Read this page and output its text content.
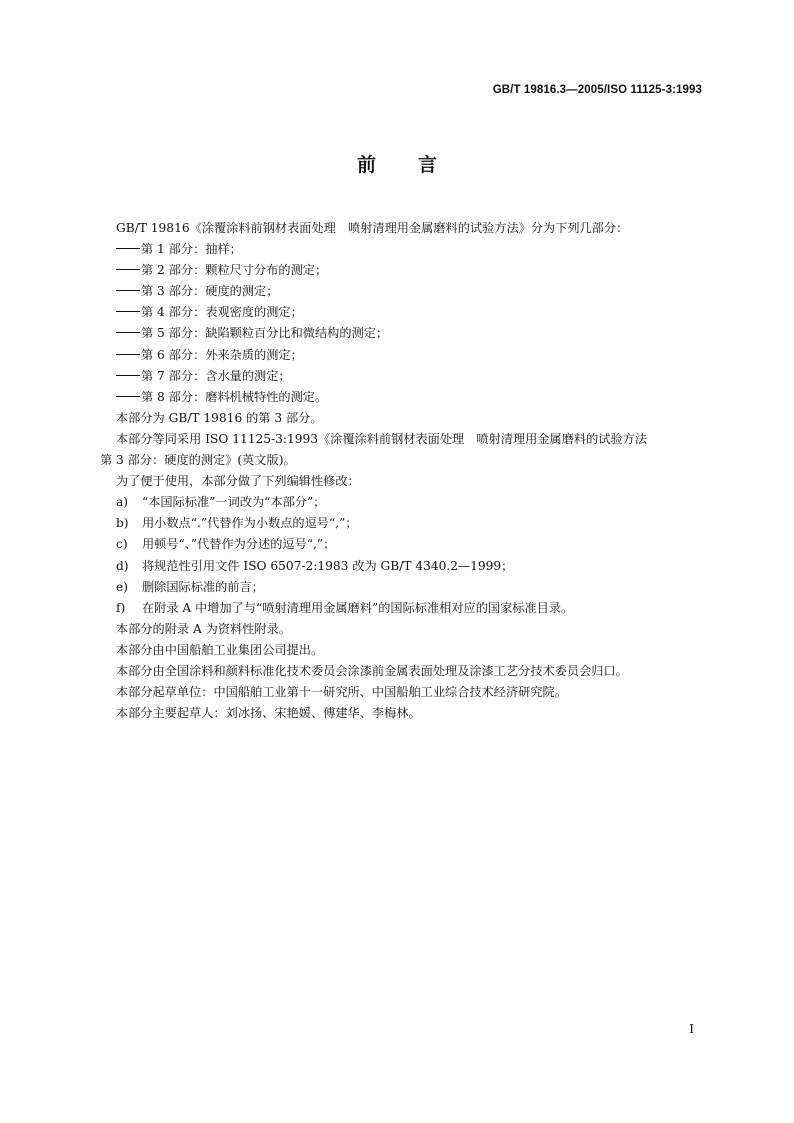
GB/T 19816.3—2005/ISO 11125-3:1993
前 言
GB/T 19816《涂覆涂料前钢材表面处理　喷射清理用金属磨料的试验方法》分为下列几部分：
第 1 部分：抽样；
第 2 部分：颗粒尺寸分布的测定；
第 3 部分：硬度的测定；
第 4 部分：表观密度的测定；
第 5 部分：缺陷颗粒百分比和微结构的测定；
第 6 部分：外来杂质的测定；
第 7 部分：含水量的测定；
第 8 部分：磨料机械特性的测定。
本部分为 GB/T 19816 的第 3 部分。
本部分等同采用 ISO 11125-3:1993《涂覆涂料前钢材表面处理　喷射清理用金属磨料的试验方法
第 3 部分：硬度的测定》(英文版)。
为了便于使用，本部分做了下列编辑性修改：
a) “本国际标准”一词改为“本部分”；
b) 用小数点“.”代替作为小数点的逗号“,”；
c) 用顿号“、”代替作为分述的逗号“,”；
d) 将规范性引用文件 ISO 6507-2:1983 改为 GB/T 4340.2—1999；
e) 删除国际标准的前言；
f) 在附录 A 中增加了与“喷射清理用金属磨料”的国际标准相对应的国家标准目录。
本部分的附录 A 为资料性附录。
本部分由中国船舶工业集团公司提出。
本部分由全国涂料和颜料标准化技术委员会涂漆前金属表面处理及涂漆工艺分技术委员会归口。
本部分起草单位：中国船舶工业第十一研究所、中国船舶工业综合技术经济研究院。
本部分主要起草人：刘冰扬、宋艳媛、傅建华、李梅林。
I
